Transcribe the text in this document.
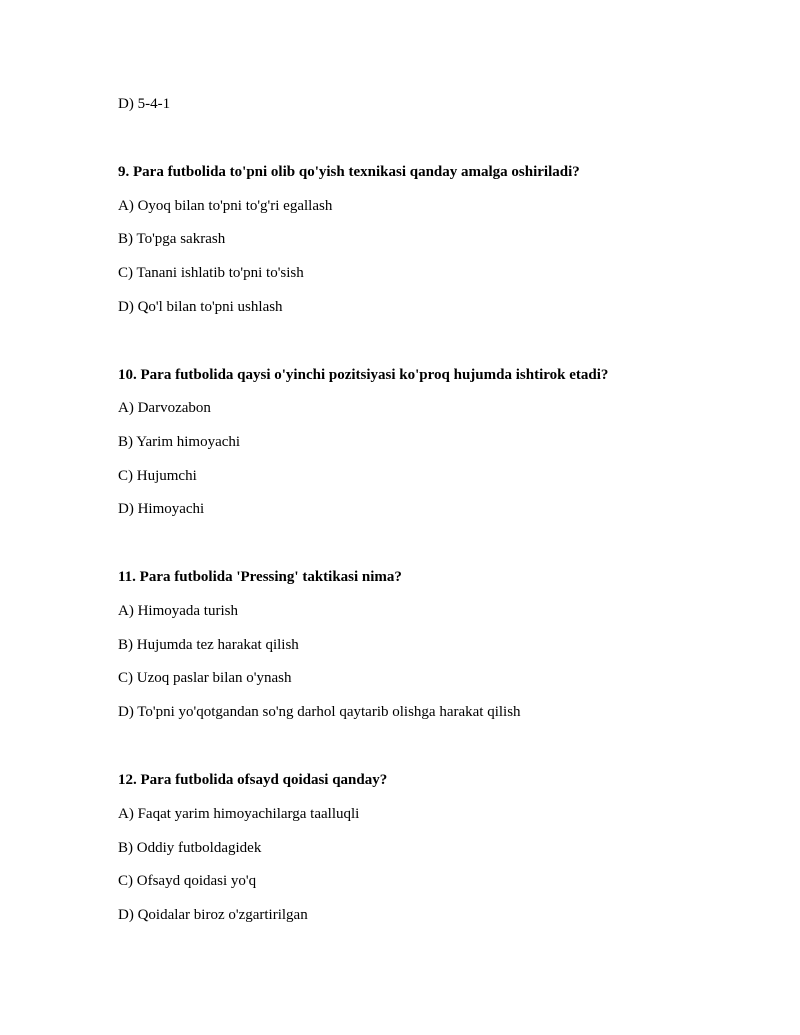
D) 5-4-1
9. Para futbolida to'pni olib qo'yish texnikasi qanday amalga oshiriladi?
A) Oyoq bilan to'pni to'g'ri egallash
B) To'pga sakrash
C) Tanani ishlatib to'pni to'sish
D) Qo'l bilan to'pni ushlash
10. Para futbolida qaysi o'yinchi pozitsiyasi ko'proq hujumda ishtirok etadi?
A) Darvozabon
B) Yarim himoyachi
C) Hujumchi
D) Himoyachi
11. Para futbolida 'Pressing' taktikasi nima?
A) Himoyada turish
B) Hujumda tez harakat qilish
C) Uzoq paslar bilan o'ynash
D) To'pni yo'qotgandan so'ng darhol qaytarib olishga harakat qilish
12. Para futbolida ofsayd qoidasi qanday?
A) Faqat yarim himoyachilarga taalluqli
B) Oddiy futboldagidek
C) Ofsayd qoidasi yo'q
D) Qoidalar biroz o'zgartirilgan
